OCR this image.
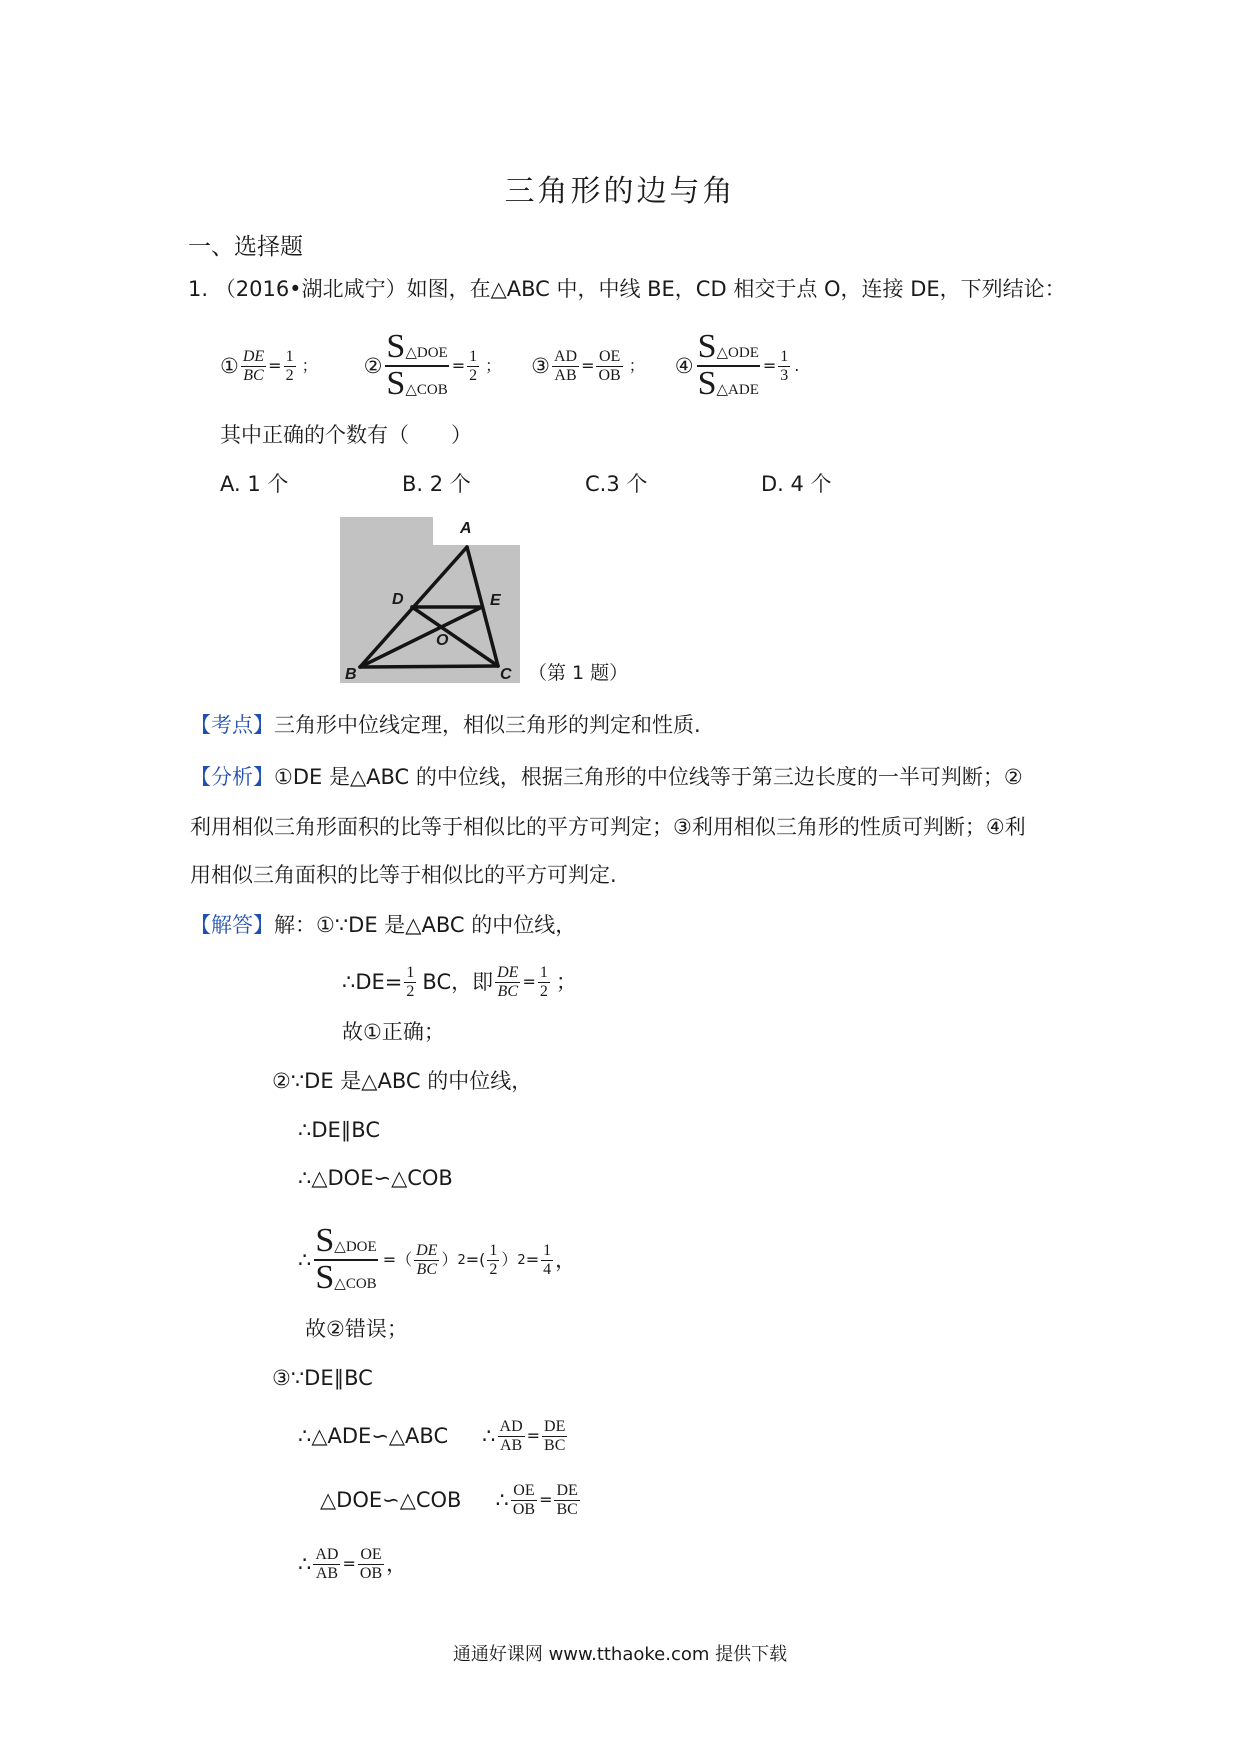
三角形的边与角
一、选择题
1. （2016•湖北咸宁）如图，在△ABC 中，中线 BE，CD 相交于点 O，连接 DE，下列结论：
① $\frac{DE}{BC} = \frac{1}{2}$ ； ②
S△DOE
S△COB
= $\frac{1}{2}$ ； ③ $\frac{AD}{AB} = \frac{OE}{OB}$ ； ④
S△ODE
S△ADE
= $\frac{1}{3}$ .
其中正确的个数有（　　）
A. 1 个	B. 2 个	C.3 个	D. 4 个
A
B	C
D	E
O
（第 1 题）
【考点】三角形中位线定理，相似三角形的判定和性质.
【分析】①DE 是△ABC 的中位线，根据三角形的中位线等于第三边长度的一半可判断；②
利用相似三角形面积的比等于相似比的平方可判定；③利用相似三角形的性质可判断；④利
用相似三角面积的比等于相似比的平方可判定.
【解答】解：①∵DE 是△ABC 的中位线，
∴DE= $\frac{1}{2}$ BC，即 $\frac{DE}{BC} = \frac{1}{2}$ ；
故①正确；
②∵DE 是△ABC 的中位线，
∴DE∥BC
∴△DOE∽△COB
∴
S△DOE
S△COB
=（ $\frac{DE}{BC}$ ） 2 =( $\frac{1}{2}$ ） $2 = \frac{1}{4}$ ，
故②错误；
③∵DE∥BC
∴△ADE∽△ABC ∴ $\frac{AD}{AB} = \frac{DE}{BC}$
△DOE∽△COB ∴ $\frac{OE}{OB} = \frac{DE}{BC}$
∴ $\frac{AD}{AB} = \frac{OE}{OB}$ ，
通通好课网 www.tthaoke.com 提供下载
